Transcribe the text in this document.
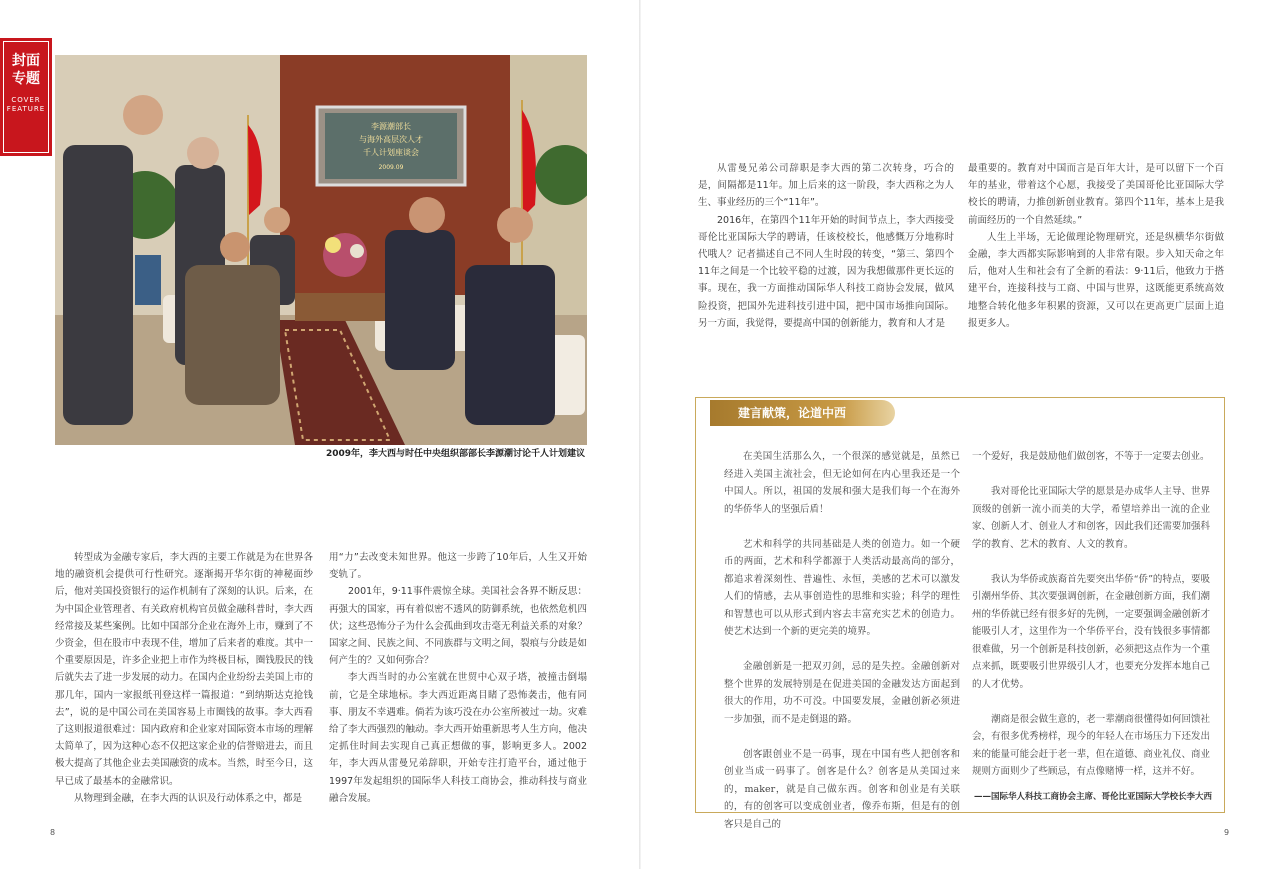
封面
专题
COVER
FEATURE
李源潮部长
与海外高层次人才
千人计划座谈会
2009.09
2009年，李大西与时任中央组织部部长李源潮讨论千人计划建议

转型成为金融专家后，李大西的主要工作就是为在世界各地的融资机会提供可行性研究。逐渐揭开华尔街的神秘面纱后，他对美国投资银行的运作机制有了深刻的认识。后来，在为中国企业管理者、有关政府机构官员做金融科普时，李大西经常接及某些案例。比如中国部分企业在海外上市，赚到了不少资金，但在股市中表现不佳，增加了后来者的难度。其中一个重要原因是，许多企业把上市作为终极目标，圈钱股民的钱后就失去了进一步发展的动力。在国内企业纷纷去美国上市的那几年，国内一家报纸刊登这样一篇报道：“到纳斯达克抢钱去”，说的是中国公司在美国容易上市圈钱的故事。李大西看了这则报道很难过：国内政府和企业家对国际资本市场的理解太简单了，因为这种心态不仅把这家企业的信誉赔进去，而且极大提高了其他企业去美国融资的成本。当然，时至今日，这早已成了最基本的金融常识。

从物理到金融，在李大西的认识及行动体系之中，都是

用“力”去改变未知世界。他这一步跨了10年后，人生又开始变轨了。

2001年，9·11事件震惊全球。美国社会各界不断反思：再强大的国家，再有着似密不透风的防御系统，也依然危机四伏；这些恐怖分子为什么会孤曲到攻击毫无利益关系的对象？国家之间、民族之间、不同族群与文明之间，裂痕与分歧是如何产生的？又如何弥合？

李大西当时的办公室就在世贸中心双子塔，被撞击倒塌前，它是全球地标。李大西近距离目睹了恐怖袭击，他有同事、朋友不幸遇难。倘若为该巧没在办公室所被过一劫。灾难给了李大西强烈的触动。李大西开始重新思考人生方向，他决定抓住时间去实现自己真正想做的事，影响更多人。2002年，李大西从雷曼兄弟辞职，开始专注打造平台，通过他于1997年发起组织的国际华人科技工商协会，推动科技与商业融合发展。

8

从雷曼兄弟公司辞职是李大西的第二次转身，巧合的是，间隔都是11年。加上后来的这一阶段，李大西称之为人生、事业经历的三个“11年”。

2016年，在第四个11年开始的时间节点上，李大西接受哥伦比亚国际大学的聘请，任该校校长，他感慨万分地称时代哦人？记者描述自己不同人生时段的转变，“第三、第四个11年之间是一个比较平稳的过渡，因为我想做那件更长远的事。现在，我一方面推动国际华人科技工商协会发展，做风险投资，把国外先进科技引进中国，把中国市场推向国际。另一方面，我觉得，要提高中国的创新能力，教育和人才是

最重要的。教育对中国而言是百年大计，是可以留下一个百年的基业，带着这个心愿，我接受了美国哥伦比亚国际大学校长的聘请，力推创新创业教育。第四个11年，基本上是我前面经历的一个自然延续。”

人生上半场，无论做理论物理研究，还是纵横华尔街做金融，李大西都实际影响到的人非常有限。步入知天命之年后，他对人生和社会有了全新的看法：9·11后，他致力于搭建平台，连接科技与工商、中国与世界，这既能更系统高效地整合转化他多年积累的资源，又可以在更高更广层面上追报更多人。

建言献策，论道中西

在美国生活那么久，一个很深的感觉就是，虽然已经进入美国主流社会，但无论如何在内心里我还是一个中国人。所以，祖国的发展和强大是我们每一个在海外的华侨华人的坚强后盾！

艺术和科学的共同基础是人类的创造力。如一个硬币的两面，艺术和科学都源于人类活动最高尚的部分，都追求着深刻性、普遍性、永恒，美感的艺术可以激发人们的情感，去从事创造性的思维和实验；科学的理性和智慧也可以从形式到内容去丰富充实艺术的创造力。使艺术达到一个新的更完美的境界。

金融创新是一把双刃剑，忌的是失控。金融创新对整个世界的发展特别是在促进美国的金融发达方面起到很大的作用，功不可没。中国要发展，金融创新必须进一步加强，而不是走倒退的路。

创客跟创业不是一码事，现在中国有些人把创客和创业当成一码事了。创客是什么？创客是从美国过来的，maker，就是自己做东西。创客和创业是有关联的，有的创客可以变成创业者，像乔布斯，但是有的创客只是自己的

一个爱好，我是鼓励他们做创客，不等于一定要去创业。

我对哥伦比亚国际大学的愿景是办成华人主导、世界顶级的创新一流小而美的大学，希望培养出一流的企业家、创新人才、创业人才和创客，因此我们还需要加强科学的教育、艺术的教育、人文的教育。

我认为华侨或族裔首先要突出华侨“侨”的特点，要吸引潮州华侨、其次要强调创新，在金融创新方面，我们潮州的华侨就已经有很多好的先例，一定要强调金融创新才能吸引人才，这里作为一个华侨平台，没有钱很多事情都很难做，另一个创新是科技创新，必须把这点作为一个重点来抓，既要吸引世界级引人才，也要充分发挥本地自己的人才优势。

潮商是很会做生意的，老一辈潮商很懂得如何回馈社会，有很多优秀榜样，现今的年轻人在市场压力下还发出来的能量可能会赶于老一辈，但在道德、商业礼仪、商业规则方面则少了些顾忌，有点像赌博一样，这并不好。

——国际华人科技工商协会主席、哥伦比亚国际大学校长李大西
9
